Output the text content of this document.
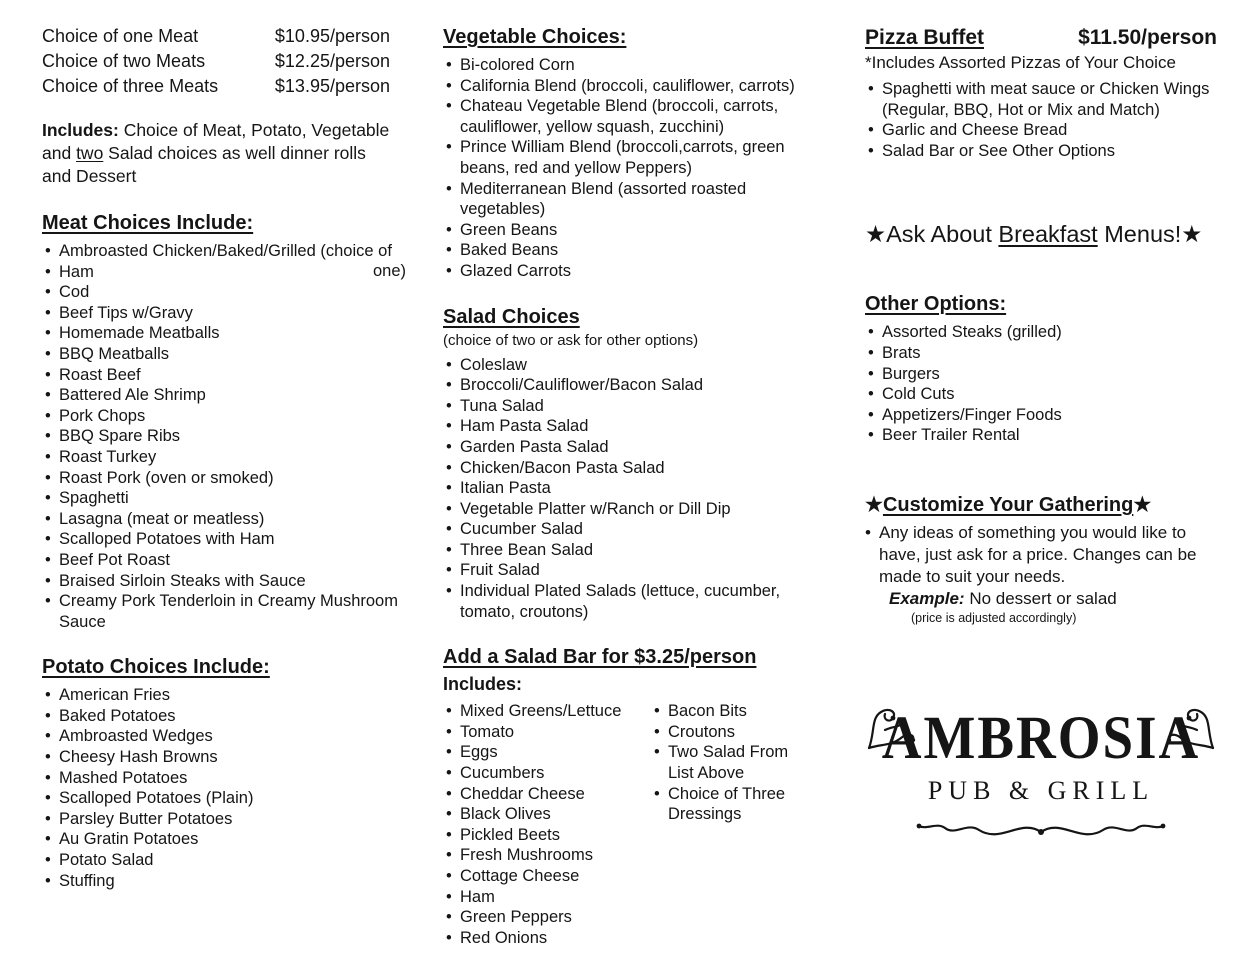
Choice of one Meat	$10.95/person
Choice of two Meats	$12.25/person
Choice of three Meats	$13.95/person

Includes: Choice of Meat, Potato, Vegetable and two Salad choices as well dinner rolls and Dessert

Meat Choices Include:
one)
• Ambroasted Chicken/Baked/Grilled (choice of
• Ham
• Cod
• Beef Tips w/Gravy
• Homemade Meatballs
• BBQ Meatballs
• Roast Beef
• Battered Ale Shrimp
• Pork Chops
• BBQ Spare Ribs
• Roast Turkey
• Roast Pork (oven or smoked)
• Spaghetti
• Lasagna (meat or meatless)
• Scalloped Potatoes with Ham
• Beef Pot Roast
• Braised Sirloin Steaks with Sauce
• Creamy Pork Tenderloin in Creamy Mushroom Sauce
Potato Choices Include:
• American Fries
• Baked Potatoes
• Ambroasted Wedges
• Cheesy Hash Browns
• Mashed Potatoes
• Scalloped Potatoes (Plain)
• Parsley Butter Potatoes
• Au Gratin Potatoes
• Potato Salad
• Stuffing
Vegetable Choices:
• Bi-colored Corn
• California Blend (broccoli, cauliflower, carrots)
• Chateau Vegetable Blend (broccoli, carrots, cauliflower, yellow squash, zucchini)
• Prince William Blend (broccoli,carrots, green beans, red and yellow Peppers)
• Mediterranean Blend (assorted roasted vegetables)
• Green Beans
• Baked Beans
• Glazed Carrots
Salad Choices
(choice of two or ask for other options)
• Coleslaw
• Broccoli/Cauliflower/Bacon Salad
• Tuna Salad
• Ham Pasta Salad
• Garden Pasta Salad
• Chicken/Bacon Pasta Salad
• Italian Pasta
• Vegetable Platter w/Ranch or Dill Dip
• Cucumber Salad
• Three Bean Salad
• Fruit Salad
• Individual Plated Salads (lettuce, cucumber, tomato, croutons)
Add a Salad Bar for $3.25/person
Includes:
• Mixed Greens/Lettuce
• Tomato
• Eggs
• Cucumbers
• Cheddar Cheese
• Black Olives
• Pickled Beets
• Fresh Mushrooms
• Cottage Cheese
• Ham
• Green Peppers
• Red Onions
• Bacon Bits
• Croutons
• Two Salad From List Above
• Choice of Three Dressings
Pizza Buffet	$11.50/person

*Includes Assorted Pizzas of Your Choice

• Spaghetti with meat sauce or Chicken Wings (Regular, BBQ, Hot or Mix and Match)
• Garlic and Cheese Bread
• Salad Bar or See Other Options

★Ask About Breakfast Menus!★

Other Options:
• Assorted Steaks (grilled)
• Brats
• Burgers
• Cold Cuts
• Appetizers/Finger Foods
• Beer Trailer Rental
★Customize Your Gathering★

• Any ideas of something you would like to have, just ask for a price. Changes can be made to suit your needs.

Example: No dessert or salad

(price is adjusted accordingly)

AMBROSIA
PUB & GRILL
